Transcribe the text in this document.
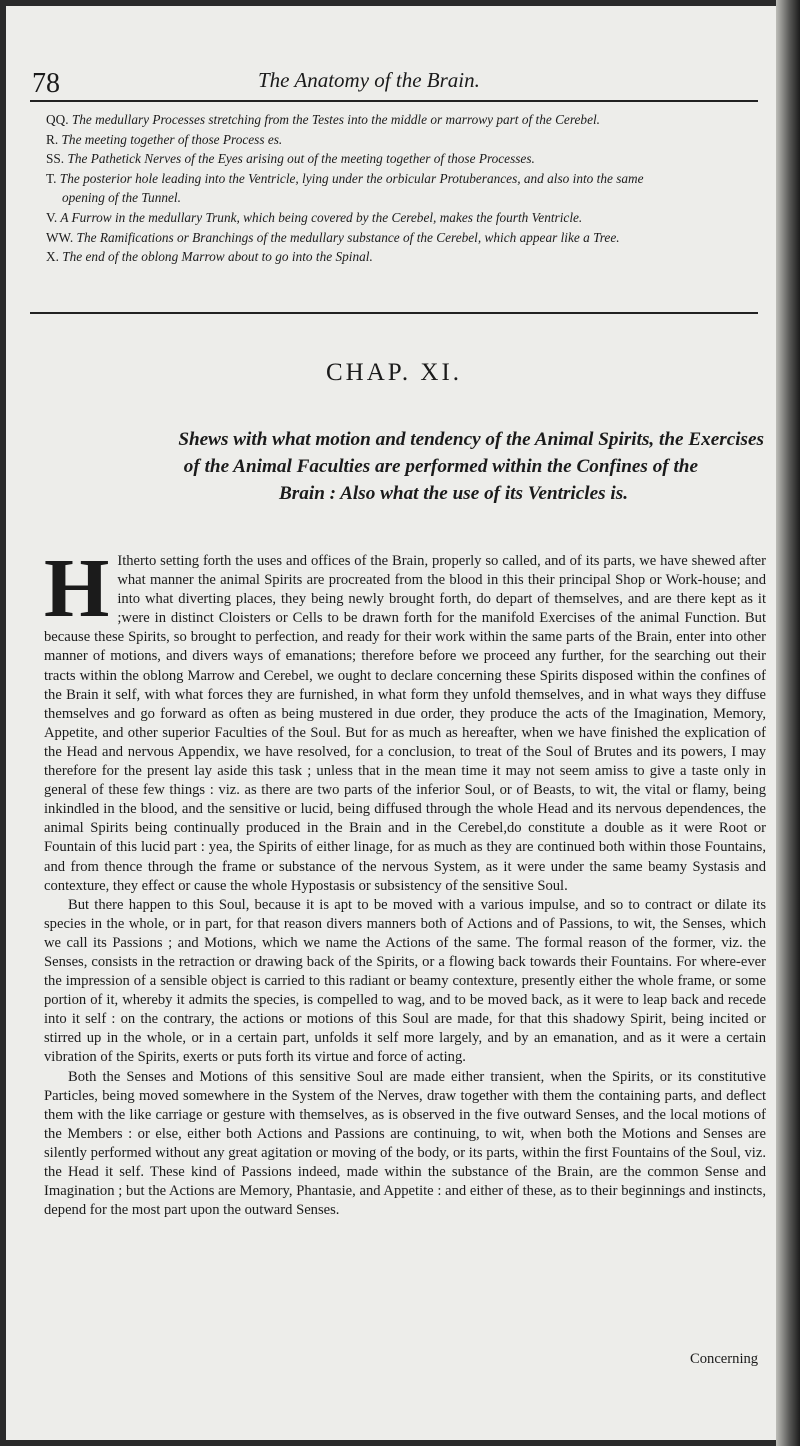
78	The Anatomy of the Brain.
QQ. The medullary Processes stretching from the Testes into the middle or marrowy part of the Cerebel.
R. The meeting together of those Process es.
SS. The Pathetick Nerves of the Eyes arising out of the meeting together of those Processes.
T. The posterior hole leading into the Ventricle, lying under the orbicular Protuberances, and also into the same
opening of the Tunnel.
V. A Furrow in the medullary Trunk, which being covered by the Cerebel, makes the fourth Ventricle.
WW. The Ramifications or Branchings of the medullary substance of the Cerebel, which appear like a Tree.
X. The end of the oblong Marrow about to go into the Spinal.
CHAP. XI.
Shews with what motion and tendency of the Animal Spirits, the Exercises
of the Animal Faculties are performed within the Confines of the
Brain : Also what the use of its Ventricles is.

H Itherto setting forth the uses and offices of the Brain, properly so called, and of its parts, we have shewed after what manner the animal Spirits are procreated from the blood in this their principal Shop or Work-house; and into what diverting places, they being newly brought forth, do depart of themselves, and are there kept as it ;were in distinct Cloisters or Cells to be drawn forth for the manifold Exercises of the animal Function. But because these Spirits, so brought to perfection, and ready for their work within the same parts of the Brain, enter into other manner of motions, and divers ways of emanations; therefore before we proceed any further, for the searching out their tracts within the oblong Marrow and Cerebel, we ought to declare concerning these Spirits disposed within the confines of the Brain it self, with what forces they are furnished, in what form they unfold themselves, and in what ways they diffuse themselves and go forward as often as being mustered in due order, they produce the acts of the Imagination, Memory, Appetite, and other superior Faculties of the Soul. But for as much as hereafter, when we have finished the explication of the Head and nervous Appendix, we have resolved, for a conclusion, to treat of the Soul of Brutes and its powers, I may therefore for the present lay aside this task ; unless that in the mean time it may not seem amiss to give a taste only in general of these few things : viz. as there are two parts of the inferior Soul, or of Beasts, to wit, the vital or flamy, being inkindled in the blood, and the sensitive or lucid, being diffused through the whole Head and its nervous dependences, the animal Spirits being continually produced in the Brain and in the Cerebel,do constitute a double as it were Root or Fountain of this lucid part : yea, the Spirits of either linage, for as much as they are continued both within those Fountains, and from thence through the frame or substance of the nervous System, as it were under the same beamy Systasis and contexture, they effect or cause the whole Hypostasis or subsistency of the sensitive Soul.

But there happen to this Soul, because it is apt to be moved with a various impulse, and so to contract or dilate its species in the whole, or in part, for that reason divers manners both of Actions and of Passions, to wit, the Senses, which we call its Passions ; and Motions, which we name the Actions of the same. The formal reason of the former, viz. the Senses, consists in the retraction or drawing back of the Spirits, or a flowing back towards their Fountains. For where-ever the impression of a sensible object is carried to this radiant or beamy contexture, presently either the whole frame, or some portion of it, whereby it admits the species, is compelled to wag, and to be moved back, as it were to leap back and recede into it self : on the contrary, the actions or motions of this Soul are made, for that this shadowy Spirit, being incited or stirred up in the whole, or in a certain part, unfolds it self more largely, and by an emanation, and as it were a certain vibration of the Spirits, exerts or puts forth its virtue and force of acting.

Both the Senses and Motions of this sensitive Soul are made either transient, when the Spirits, or its constitutive Particles, being moved somewhere in the System of the Nerves, draw together with them the containing parts, and deflect them with the like carriage or gesture with themselves, as is observed in the five outward Senses, and the local motions of the Members : or else, either both Actions and Passions are continuing, to wit, when both the Motions and Senses are silently performed without any great agitation or moving of the body, or its parts, within the first Fountains of the Soul, viz. the Head it self. These kind of Passions indeed, made within the substance of the Brain, are the common Sense and Imagination ; but the Actions are Memory, Phantasie, and Appetite : and either of these, as to their beginnings and instincts, depend for the most part upon the outward Senses.

Concerning
